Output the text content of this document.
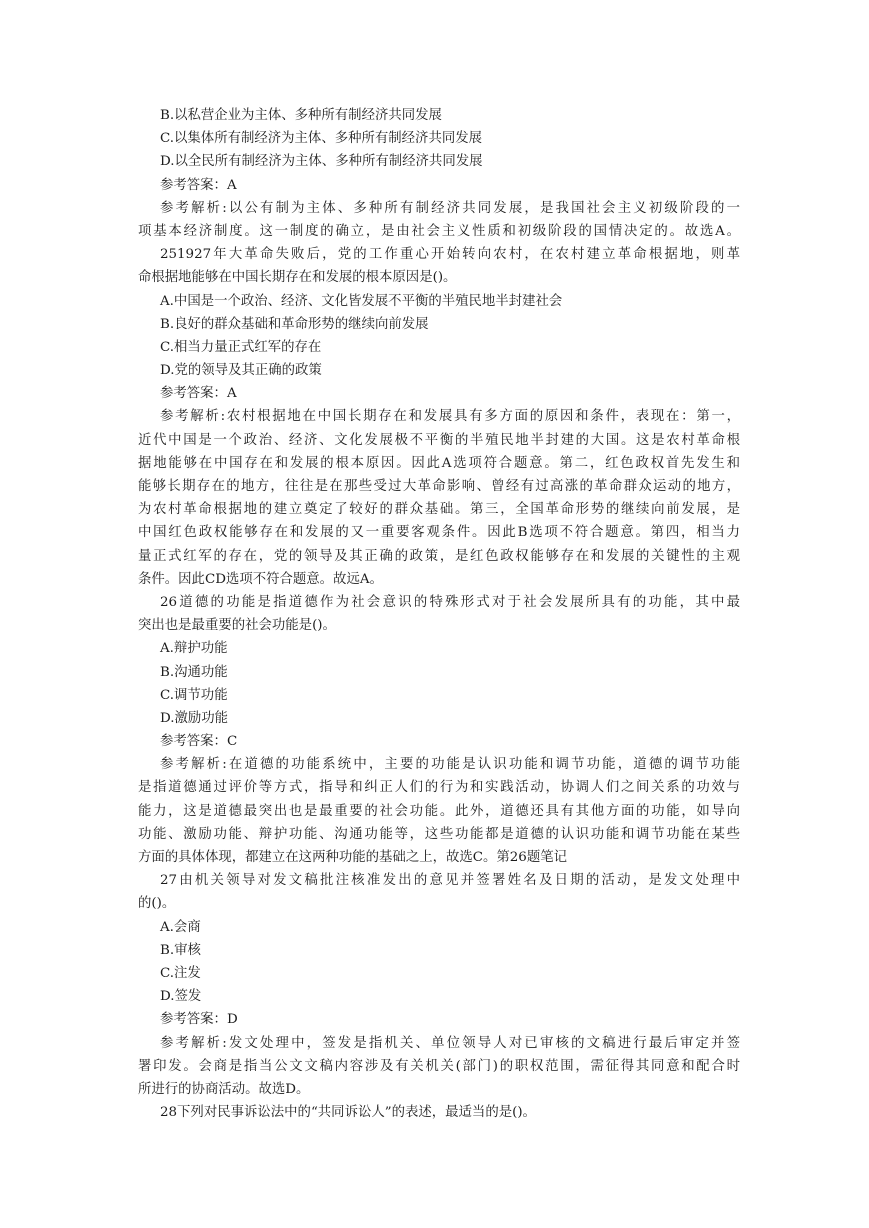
B.以私营企业为主体、多种所有制经济共同发展
C.以集体所有制经济为主体、多种所有制经济共同发展
D.以全民所有制经济为主体、多种所有制经济共同发展
参考答案：A
参考解析:以公有制为主体、多种所有制经济共同发展，是我国社会主义初级阶段的一
项基本经济制度。这一制度的确立，是由社会主义性质和初级阶段的国情决定的。故选A。
251927年大革命失败后，党的工作重心开始转向农村，在农村建立革命根据地，则革
命根据地能够在中国长期存在和发展的根本原因是()。
A.中国是一个政治、经济、文化皆发展不平衡的半殖民地半封建社会
B.良好的群众基础和革命形势的继续向前发展
C.相当力量正式红军的存在
D.党的领导及其正确的政策
参考答案：A
参考解析:农村根据地在中国长期存在和发展具有多方面的原因和条件，表现在：第一，
近代中国是一个政治、经济、文化发展极不平衡的半殖民地半封建的大国。这是农村革命根
据地能够在中国存在和发展的根本原因。因此A选项符合题意。第二，红色政权首先发生和
能够长期存在的地方，往往是在那些受过大革命影响、曾经有过高涨的革命群众运动的地方，
为农村革命根据地的建立奠定了较好的群众基础。第三，全国革命形势的继续向前发展，是
中国红色政权能够存在和发展的又一重要客观条件。因此B选项不符合题意。第四，相当力
量正式红军的存在，党的领导及其正确的政策，是红色政权能够存在和发展的关键性的主观
条件。因此CD选项不符合题意。故远A。
26道德的功能是指道德作为社会意识的特殊形式对于社会发展所具有的功能，其中最
突出也是最重要的社会功能是()。
A.辩护功能
B.沟通功能
C.调节功能
D.激励功能
参考答案：C
参考解析:在道德的功能系统中，主要的功能是认识功能和调节功能，道德的调节功能
是指道德通过评价等方式，指导和纠正人们的行为和实践活动，协调人们之间关系的功效与
能力，这是道德最突出也是最重要的社会功能。此外，道德还具有其他方面的功能，如导向
功能、激励功能、辩护功能、沟通功能等，这些功能都是道德的认识功能和调节功能在某些
方面的具体体现，都建立在这两种功能的基础之上，故选C。第26题笔记
27由机关领导对发文稿批注核准发出的意见并签署姓名及日期的活动，是发文处理中
的()。
A.会商
B.审核
C.注发
D.签发
参考答案：D
参考解析:发文处理中，签发是指机关、单位领导人对已审核的文稿进行最后审定并签
署印发。会商是指当公文文稿内容涉及有关机关(部门)的职权范围，需征得其同意和配合时
所进行的协商活动。故选D。
28下列对民事诉讼法中的“共同诉讼人”的表述，最适当的是()。
